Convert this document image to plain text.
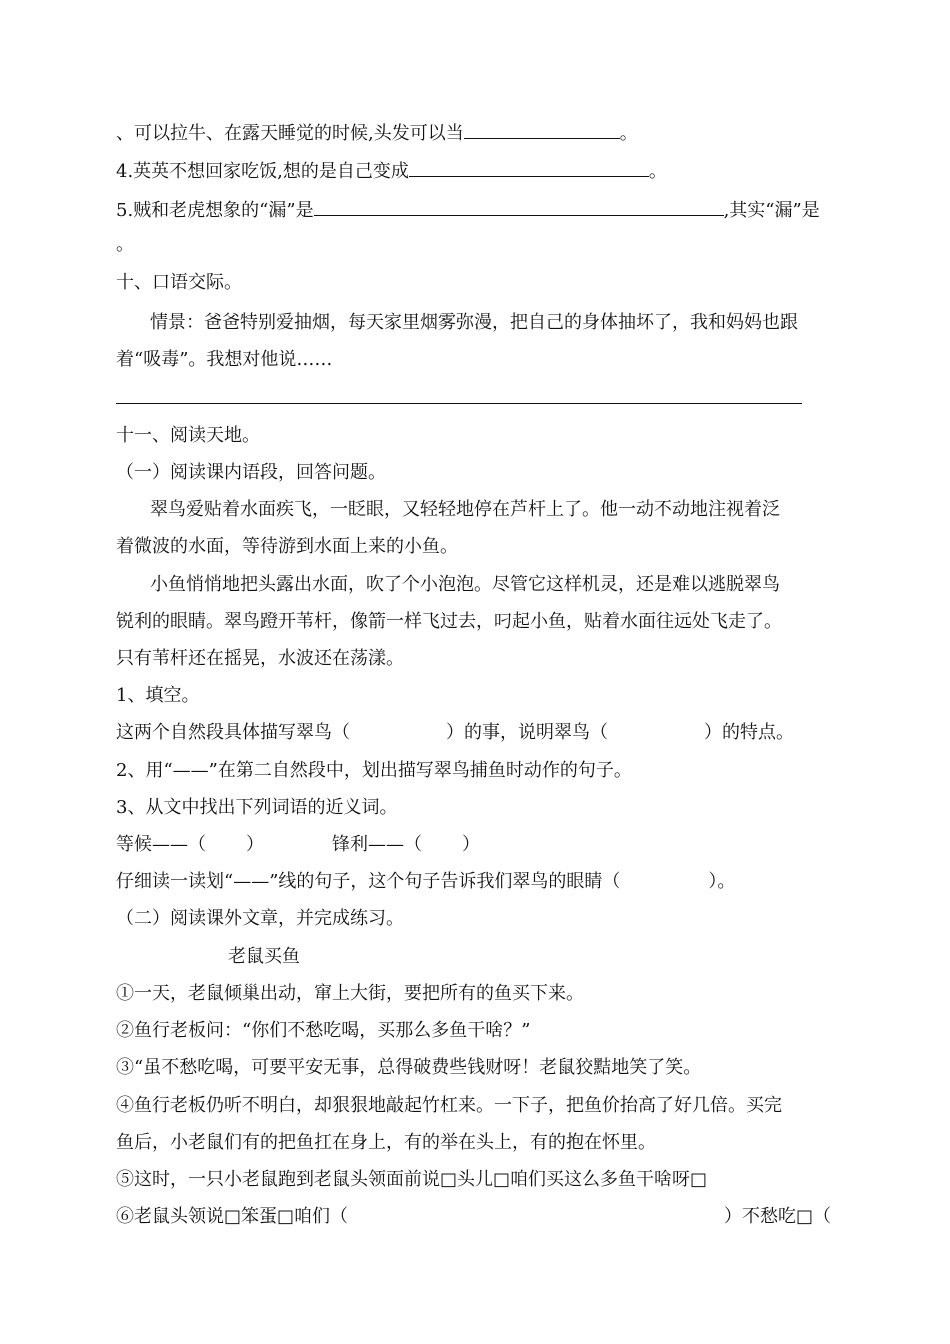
、可以拉牛、在露天睡觉的时候,头发可以当	。
4.英英不想回家吃饭,想的是自己变成	。
5.贼和老虎想象的“漏”是	,其实“漏”是
。
十、口语交际。
情景：爸爸特别爱抽烟，每天家里烟雾弥漫，把自己的身体抽坏了，我和妈妈也跟
着“吸毒”。我想对他说……
十一、阅读天地。
（一）阅读课内语段，回答问题。
翠鸟爱贴着水面疾飞，一眨眼，又轻轻地停在芦杆上了。他一动不动地注视着泛
着微波的水面，等待游到水面上来的小鱼。
小鱼悄悄地把头露出水面，吹了个小泡泡。尽管它这样机灵，还是难以逃脱翠鸟
锐利的眼睛。翠鸟蹬开苇杆，像箭一样飞过去，叼起小鱼，贴着水面往远处飞走了。
只有苇杆还在摇晃，水波还在荡漾。
1、填空。
这两个自然段具体描写翠鸟（	）的事，说明翠鸟（	）的特点。
2、用“——”在第二自然段中，划出描写翠鸟捕鱼时动作的句子。
3、从文中找出下列词语的近义词。
等候——（ ）	锋利——（ ）
仔细读一读划“——”线的句子，这个句子告诉我们翠鸟的眼睛（	）。
（二）阅读课外文章，并完成练习。
老鼠买鱼
①一天，老鼠倾巢出动，窜上大街，要把所有的鱼买下来。
②鱼行老板问：“你们不愁吃喝，买那么多鱼干啥？”
③“虽不愁吃喝，可要平安无事，总得破费些钱财呀！老鼠狡黠地笑了笑。
④鱼行老板仍听不明白，却狠狠地敲起竹杠来。一下子，把鱼价抬高了好几倍。买完
鱼后，小老鼠们有的把鱼扛在身上，有的举在头上，有的抱在怀里。
⑤这时，一只小老鼠跑到老鼠头领面前说□头儿□咱们买这么多鱼干啥呀□
⑥老鼠头领说□笨蛋□咱们（	）不愁吃□（
